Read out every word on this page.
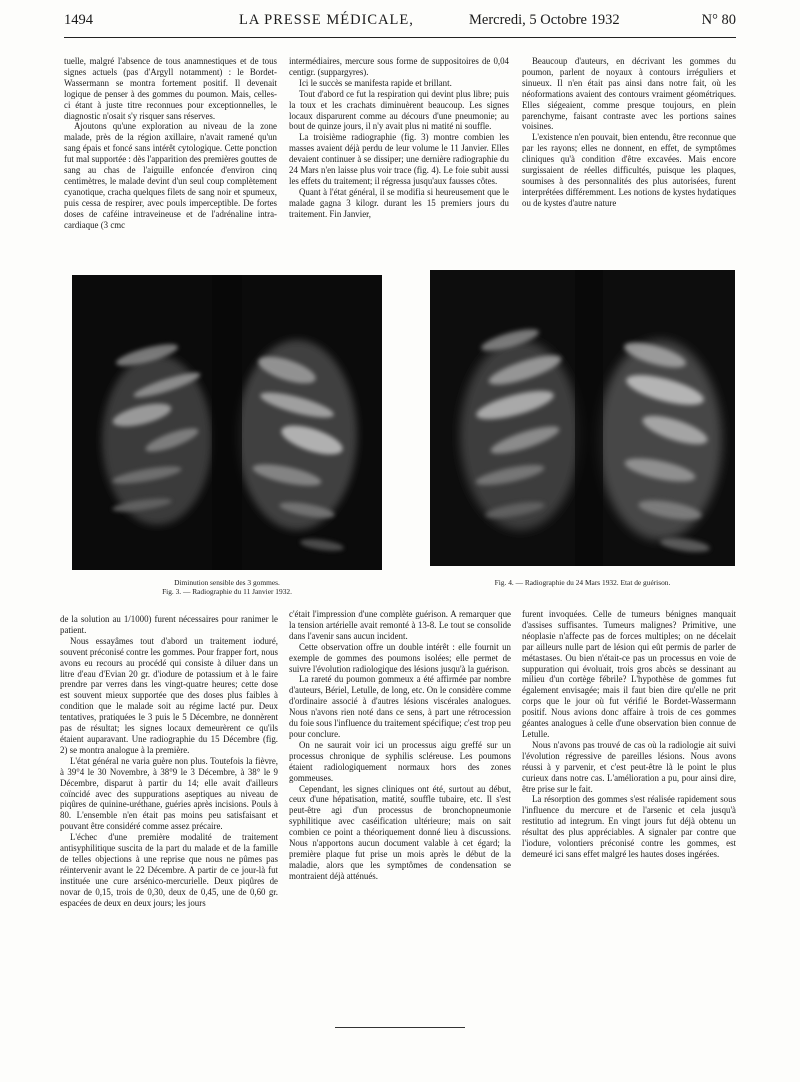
1494	LA PRESSE MÉDICALE,	Mercredi, 5 Octobre 1932	N° 80

tuelle, malgré l'absence de tous anamnestiques et de tous signes actuels (pas d'Argyll notamment) : le Bordet-Wassermann se montra fortement positif. Il devenait logique de penser à des gommes du poumon. Mais, celles-ci étant à juste titre reconnues pour exceptionnelles, le diagnostic n'osait s'y risquer sans réserves.

Ajoutons qu'une exploration au niveau de la zone malade, près de la région axillaire, n'avait ramené qu'un sang épais et foncé sans intérêt cytologique. Cette ponction fut mal supportée : dès l'apparition des premières gouttes de sang au chas de l'aiguille enfoncée d'environ cinq centimètres, le malade devint d'un seul coup complètement cyanotique, cracha quelques filets de sang noir et spumeux, puis cessa de respirer, avec pouls imperceptible. De fortes doses de caféine intraveineuse et de l'adrénaline intra-cardiaque (3 cmc

intermédiaires, mercure sous forme de suppositoires de 0,04 centigr. (suppargyres).

Ici le succès se manifesta rapide et brillant.

Tout d'abord ce fut la respiration qui devint plus libre; puis la toux et les crachats diminuèrent beaucoup. Les signes locaux disparurent comme au décours d'une pneumonie; au bout de quinze jours, il n'y avait plus ni matité ni souffle.

La troisième radiographie (fig. 3) montre combien les masses avaient déjà perdu de leur volume le 11 Janvier. Elles devaient continuer à se dissiper; une dernière radiographie du 24 Mars n'en laisse plus voir trace (fig. 4). Le foie subit aussi les effets du traitement; il régressa jusqu'aux fausses côtes.

Quant à l'état général, il se modifia si heureusement que le malade gagna 3 kilogr. durant les 15 premiers jours du traitement. Fin Janvier,

Beaucoup d'auteurs, en décrivant les gommes du poumon, parlent de noyaux à contours irréguliers et sinueux. Il n'en était pas ainsi dans notre fait, où les néoformations avaient des contours vraiment géométriques. Elles siégeaient, comme presque toujours, en plein parenchyme, faisant contraste avec les portions saines voisines.

L'existence n'en pouvait, bien entendu, être reconnue que par les rayons; elles ne donnent, en effet, de symptômes cliniques qu'à condition d'être excavées. Mais encore surgissaient de réelles difficultés, puisque les plaques, soumises à des personnalités des plus autorisées, furent interprétées différemment. Les notions de kystes hydatiques ou de kystes d'autre nature

Diminution sensible des 3 gommes.
Fig. 3. — Radiographie du 11 Janvier 1932.
Fig. 4. — Radiographie du 24 Mars 1932. Etat de guérison.

de la solution au 1/1000) furent nécessaires pour ranimer le patient.

Nous essayâmes tout d'abord un traitement ioduré, souvent préconisé contre les gommes. Pour frapper fort, nous avons eu recours au procédé qui consiste à diluer dans un litre d'eau d'Evian 20 gr. d'iodure de potassium et à le faire prendre par verres dans les vingt-quatre heures; cette dose est souvent mieux supportée que des doses plus faibles à condition que le malade soit au régime lacté pur. Deux tentatives, pratiquées le 3 puis le 5 Décembre, ne donnèrent pas de résultat; les signes locaux demeurèrent ce qu'ils étaient auparavant. Une radiographie du 15 Décembre (fig. 2) se montra analogue à la première.

L'état général ne varia guère non plus. Toutefois la fièvre, à 39°4 le 30 Novembre, à 38°9 le 3 Décembre, à 38° le 9 Décembre, disparut à partir du 14; elle avait d'ailleurs coïncidé avec des suppurations aseptiques au niveau de piqûres de quinine-uréthane, guéries après incisions. Pouls à 80. L'ensemble n'en était pas moins peu satisfaisant et pouvant être considéré comme assez précaire.

L'échec d'une première modalité de traitement antisyphilitique suscita de la part du malade et de la famille de telles objections à une reprise que nous ne pûmes pas réintervenir avant le 22 Décembre. A partir de ce jour-là fut instituée une cure arsénico-mercurielle. Deux piqûres de novar de 0,15, trois de 0,30, deux de 0,45, une de 0,60 gr. espacées de deux en deux jours; les jours

c'était l'impression d'une complète guérison. A remarquer que la tension artérielle avait remonté à 13-8. Le tout se consolide dans l'avenir sans aucun incident.

Cette observation offre un double intérêt : elle fournit un exemple de gommes des poumons isolées; elle permet de suivre l'évolution radiologique des lésions jusqu'à la guérison.

La rareté du poumon gommeux a été affirmée par nombre d'auteurs, Bériel, Letulle, de long, etc. On le considère comme d'ordinaire associé à d'autres lésions viscérales analogues. Nous n'avons rien noté dans ce sens, à part une rétrocession du foie sous l'influence du traitement spécifique; c'est trop peu pour conclure.

On ne saurait voir ici un processus aigu greffé sur un processus chronique de syphilis scléreuse. Les poumons étaient radiologiquement normaux hors des zones gommeuses.

Cependant, les signes cliniques ont été, surtout au début, ceux d'une hépatisation, matité, souffle tubaire, etc. Il s'est peut-être agi d'un processus de bronchopneumonie syphilitique avec caséification ultérieure; mais on sait combien ce point a théoriquement donné lieu à discussions. Nous n'apportons aucun document valable à cet égard; la première plaque fut prise un mois après le début de la maladie, alors que les symptômes de condensation se montraient déjà atténués.

furent invoquées. Celle de tumeurs bénignes manquait d'assises suffisantes. Tumeurs malignes? Primitive, une néoplasie n'affecte pas de forces multiples; on ne décelait par ailleurs nulle part de lésion qui eût permis de parler de métastases. Ou bien n'était-ce pas un processus en voie de suppuration qui évoluait, trois gros abcès se dessinant au milieu d'un cortège fébrile? L'hypothèse de gommes fut également envisagée; mais il faut bien dire qu'elle ne prit corps que le jour où fut vérifié le Bordet-Wassermann positif. Nous avions donc affaire à trois de ces gommes géantes analogues à celle d'une observation bien connue de Letulle.

Nous n'avons pas trouvé de cas où la radiologie ait suivi l'évolution régressive de pareilles lésions. Nous avons réussi à y parvenir, et c'est peut-être là le point le plus curieux dans notre cas. L'amélioration a pu, pour ainsi dire, être prise sur le fait.

La résorption des gommes s'est réalisée rapidement sous l'influence du mercure et de l'arsenic et cela jusqu'à restitutio ad integrum. En vingt jours fut déjà obtenu un résultat des plus appréciables. A signaler par contre que l'iodure, volontiers préconisé contre les gommes, est demeuré ici sans effet malgré les hautes doses ingérées.
